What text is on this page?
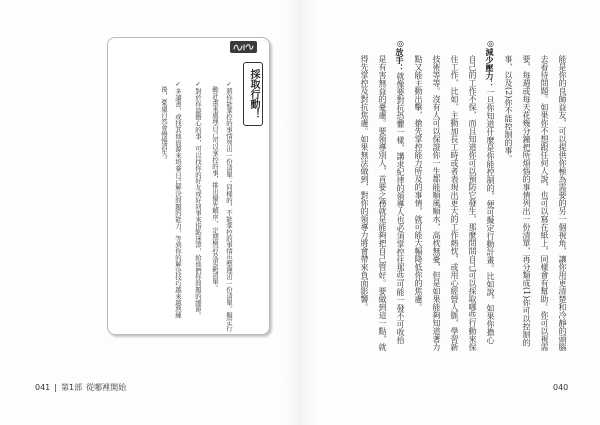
採取行動！
✓將你能掌控的事情列出一份清單；同樣的，不能掌控的事情也整理出一份清單。擬定行
動計畫來處理自己可以掌控的事，排出優先順序，定期檢討及更新清單。
✓對於你最擔心的事，可以找你的好友或好同事來指點迷津，給他們你問題的細節。
✓多讀書，或找其他資源來培養自己解決問題的能力，等到你的解決技巧越來越熟練
後，憂慮自然會慢慢消失。
041 | 第1部 從哪裡開始
能是你的良師益友，可以提供你極為需要的另一個視角，讓你用更清楚和冷靜的頭腦
去看待問題。如果你不想跟任何人說，也可以寫在紙上，同樣會有幫助。你可以視需
要，每週或每天花幾分鐘把所煩惱的事情列出一份清單，再分類成(1)你可以控制的
事，以及(2)你不能控制的事。
◎減少壓力：一旦你知道什麼是你能控制的，便可擬定行動計畫。比如說，如果你擔心
自己的工作不保，而且知道你可以預防它發生，那麼問問自己可以採取哪些行動來保
住工作，比如，主動加長工時或者表現出更大的工作熱忱，或用心經營人脈，學習新
技術等等。沒有人可以保證你一生都能順風順水，高枕無憂，但是如果能夠知道著力
點又能主動出擊，搶先掌控能力所及的事情，就可能大幅降低你的焦慮。
◎放手：就像要對抗恐懼一樣，講求紀律的領導人也必須掌控住那些可能一發不可收拾
是有害無益的憂慮。要領導別人，首要之務就是能夠把自己管好。要做到這一點，就
得先掌控及對抗焦慮。如果無法做到，對你的領導力將會帶來負面影響。
040
